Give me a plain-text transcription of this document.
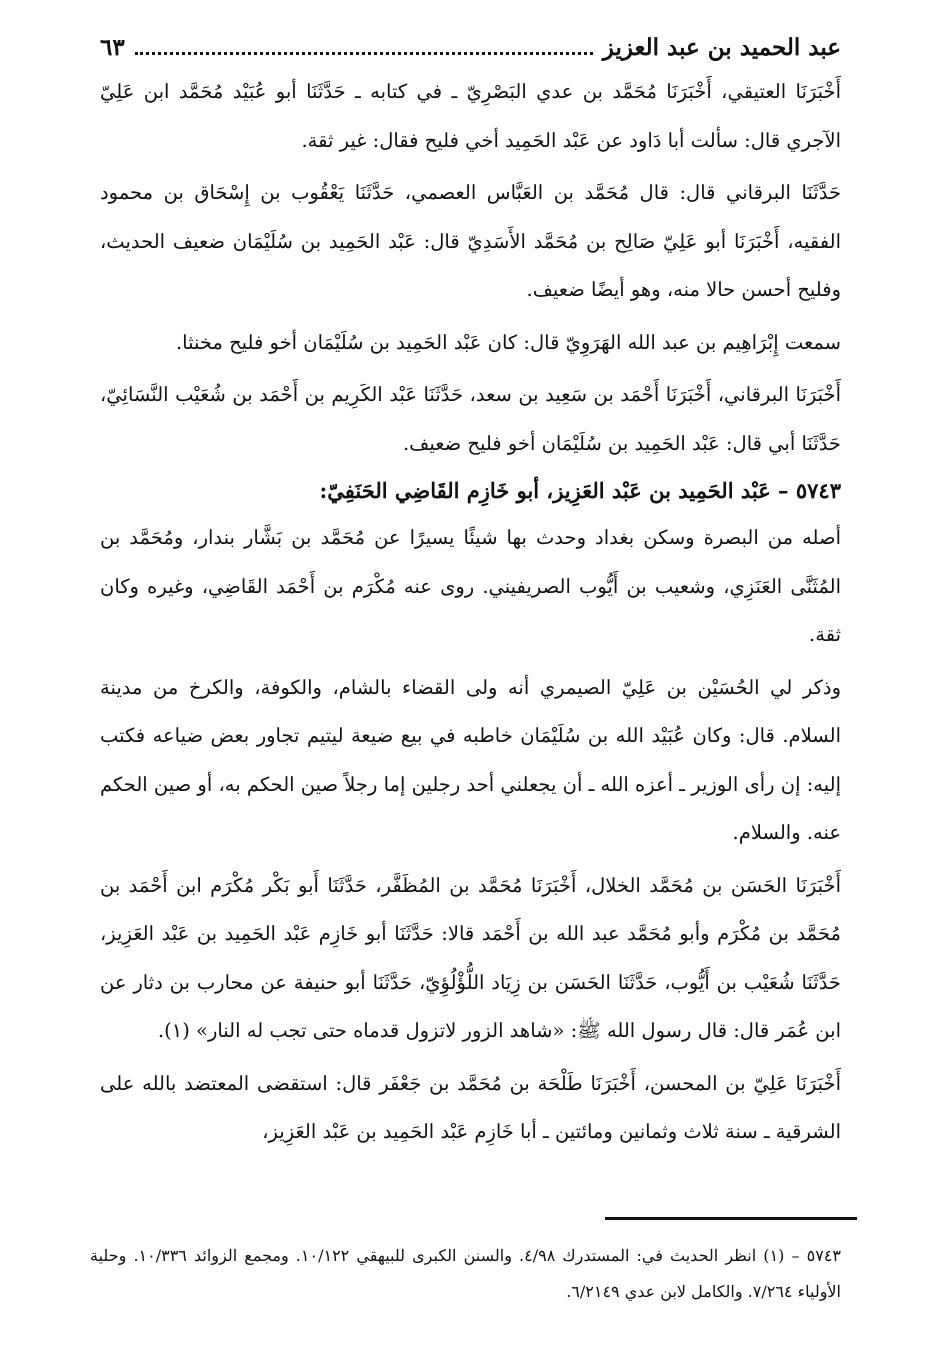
عبد الحميد بن عبد العزيز
٦٣

أَخْبَرَنَا العتيقي، أَخْبَرَنَا مُحَمَّد بن عدي البَصْرِيّ ـ في كتابه ـ حَدَّثَنَا أبو عُبَيْد مُحَمَّد ابن عَلِيّ الآجري قال: سألت أبا دَاود عن عَبْد الحَمِيد أخي فليح فقال: غير ثقة.

حَدَّثَنَا البرقاني قال: قال مُحَمَّد بن العَبَّاس العصمي، حَدَّثَنَا يَعْقُوب بن إِسْحَاق بن محمود الفقيه، أَخْبَرَنَا أبو عَلِيّ صَالِح بن مُحَمَّد الأَسَدِيّ قال: عَبْد الحَمِيد بن سُلَيْمَان ضعيف الحديث، وفليح أحسن حالا منه، وهو أيضًا ضعيف.

سمعت إِبْرَاهِيم بن عبد الله الهَرَوِيّ قال: كان عَبْد الحَمِيد بن سُلَيْمَان أخو فليح مخنثا.

أَخْبَرَنَا البرقاني، أَخْبَرَنَا أَحْمَد بن سَعِيد بن سعد، حَدَّثَنَا عَبْد الكَرِيم بن أَحْمَد بن شُعَيْب النَّسَائِيّ، حَدَّثَنَا أبي قال: عَبْد الحَمِيد بن سُلَيْمَان أخو فليح ضعيف.

٥٧٤٣ – عَبْد الحَمِيد بن عَبْد العَزِيز، أبو خَازِم القَاضِي الحَنَفِيّ:

أصله من البصرة وسكن بغداد وحدث بها شيئًا يسيرًا عن مُحَمَّد بن بَشَّار بندار، ومُحَمَّد بن المُثَنَّى العَنَزِي، وشعيب بن أَيُّوب الصريفيني. روى عنه مُكْرَم بن أَحْمَد القَاضِي، وغيره وكان ثقة.

وذكر لي الحُسَيْن بن عَلِيّ الصيمري أنه ولى القضاء بالشام، والكوفة، والكرخ من مدينة السلام. قال: وكان عُبَيْد الله بن سُلَيْمَان خاطبه في بيع ضيعة ليتيم تجاور بعض ضياعه فكتب إليه: إن رأى الوزير ـ أعزه الله ـ أن يجعلني أحد رجلين إما رجلاً صين الحكم به، أو صين الحكم عنه. والسلام.

أَخْبَرَنَا الحَسَن بن مُحَمَّد الخلال، أَخْبَرَنَا مُحَمَّد بن المُظَفَّر، حَدَّثَنَا أَبو بَكْر مُكْرَم ابن أَحْمَد بن مُحَمَّد بن مُكْرَم وأبو مُحَمَّد عبد الله بن أَحْمَد قالا: حَدَّثَنَا أبو خَازِم عَبْد الحَمِيد بن عَبْد العَزِيز، حَدَّثَنَا شُعَيْب بن أَيُّوب، حَدَّثَنَا الحَسَن بن زِيَاد اللُّؤْلُؤِيّ، حَدَّثَنَا أبو حنيفة عن محارب بن دثار عن ابن عُمَر قال: قال رسول الله ﷺ: «شاهد الزور لاتزول قدماه حتى تجب له النار» (١).

أَخْبَرَنَا عَلِيّ بن المحسن، أَخْبَرَنَا طَلْحَة بن مُحَمَّد بن جَعْفَر قال: استقضى المعتضد بالله على الشرقية ـ سنة ثلاث وثمانين ومائتين ـ أبا خَازِم عَبْد الحَمِيد بن عَبْد العَزِيز،

٥٧٤٣ – (١) انظر الحديث في: المستدرك ٤/٩٨. والسنن الكبرى للبيهقي ١٠/١٢٢. ومجمع الزوائد ١٠/٣٣٦. وحلية الأولياء ٧/٢٦٤. والكامل لابن عدي ٦/٢١٤٩.
